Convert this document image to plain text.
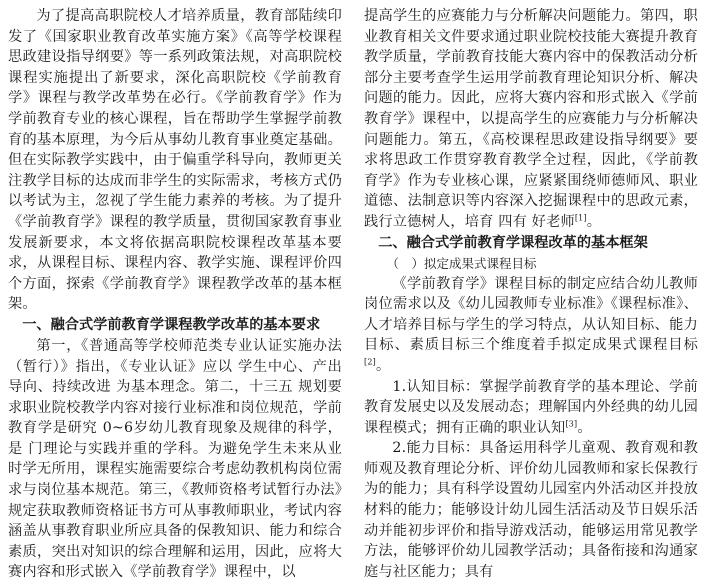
为了提高高职院校人才培养质量，教育部陆续印发了《国家职业教育改革实施方案》《高等学校课程思政建设指导纲要》等一系列政策法规，对高职院校课程实施提出了新要求，深化高职院校《学前教育学》课程与教学改革势在必行。《学前教育学》作为学前教育专业的核心课程，旨在帮助学生掌握学前教育的基本原理，为今后从事幼儿教育事业奠定基础。但在实际教学实践中，由于偏重学科导向，教师更关注教学目标的达成而非学生的实际需求，考核方式仍以考试为主，忽视了学生能力素养的考核。为了提升《学前教育学》课程的教学质量，贯彻国家教育事业发展新要求，本文将依据高职院校课程改革基本要求，从课程目标、课程内容、教学实施、课程评价四个方面，探索《学前教育学》课程教学改革的基本框架。

一、融合式学前教育学课程教学改革的基本要求

第一，《普通高等学校师范类专业认证实施办法（暂行）》指出，《专业认证》应以 学生中心、产出导向、持续改进 为基本理念。第二，十三五 规划要求职业院校教学内容对接行业标准和岗位规范，学前教育学是研究 0~6岁幼儿教育现象及规律的科学，是 门理论与实践并重的学科。为避免学生未来从业时学无所用，课程实施需要综合考虑幼教机构岗位需求与岗位基本规范。第三，《教师资格考试暂行办法》规定获取教师资格证书方可从事教师职业，考试内容涵盖从事教育职业所应具备的保教知识、能力和综合素质，突出对知识的综合理解和运用，因此，应将大赛内容和形式嵌入《学前教育学》课程中，以

提高学生的应赛能力与分析解决问题能力。第四，职业教育相关文件要求通过职业院校技能大赛提升教育教学质量，学前教育技能大赛内容中的保教活动分析部分主要考查学生运用学前教育理论知识分析、解决问题的能力。因此，应将大赛内容和形式嵌入《学前教育学》课程中，以提高学生的应赛能力与分析解决问题能力。第五，《高校课程思政建设指导纲要》要求将思政工作贯穿教育教学全过程，因此，《学前教育学》作为专业核心课，应紧紧围绕师德师风、职业道德、法制意识等内容深入挖掘课程中的思政元素，践行立德树人，培育 四有 好老师[1]。

二、融合式学前教育学课程改革的基本框架

（　）拟定成果式课程目标

《学前教育学》课程目标的制定应结合幼儿教师岗位需求以及《幼儿园教师专业标准》《课程标准》、人才培养目标与学生的学习特点，从认知目标、能力目标、素质目标三个维度着手拟定成果式课程目标[2]。

1.认知目标：掌握学前教育学的基本理论、学前教育发展史以及发展动态；理解国内外经典的幼儿园课程模式；拥有正确的职业认知[3]。

2.能力目标：具备运用科学儿童观、教育观和教师观及教育理论分析、评价幼儿园教师和家长保教行为的能力；具有科学设置幼儿园室内外活动区并投放材料的能力；能够设计幼儿园生活活动及节日娱乐活动并能初步评价和指导游戏活动，能够运用常见教学方法，能够评价幼儿园教学活动；具备衔接和沟通家庭与社区能力；具有
